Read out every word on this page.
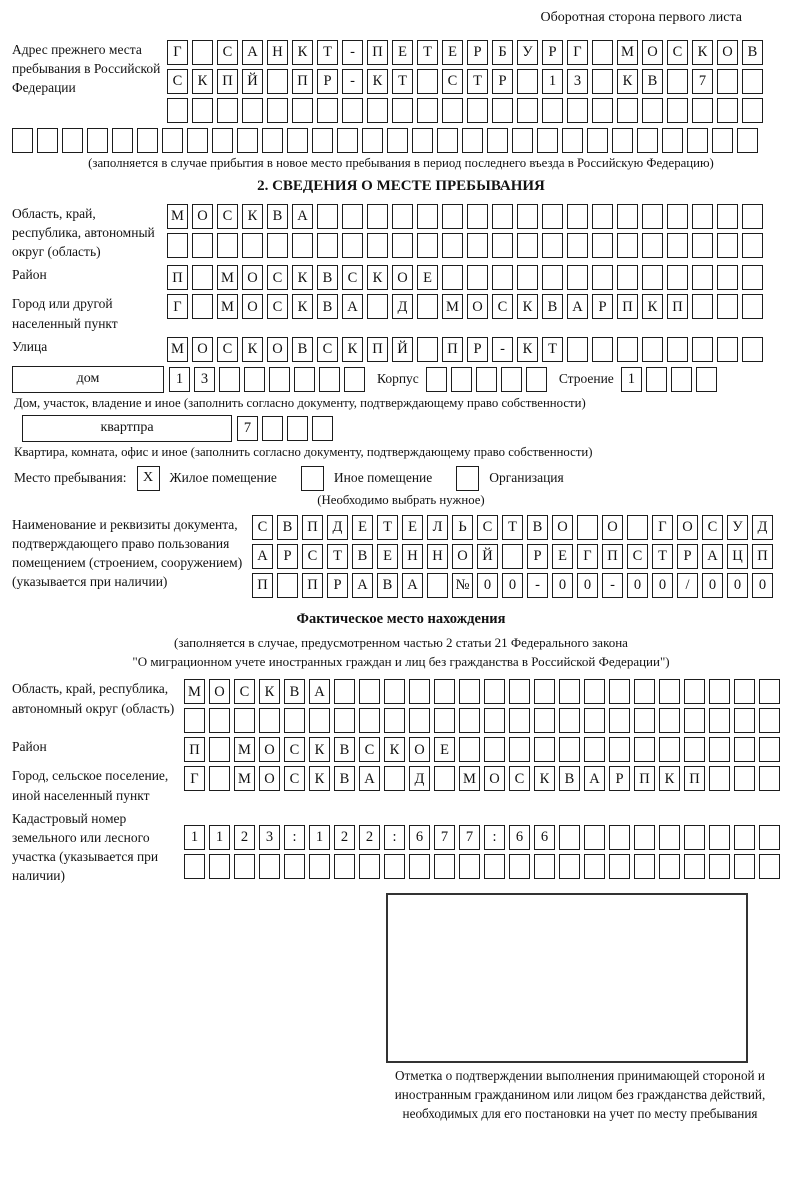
Оборотная сторона первого листа
Адрес прежнего места пребывания в Российской Федерации
Г	С	А	Н	К	Т	-	П	Е	Т	Е	Р	Б	У	Р	Г	М О	С	К	О	В
С	К	П	Й	П	Р	-	К	Т	С	Т	Р	1	3	К	В	7
(заполняется в случае прибытия в новое место пребывания в период последнего въезда в Российскую Федерацию)
2. СВЕДЕНИЯ О МЕСТЕ ПРЕБЫВАНИЯ
Область, край, республика, автономный округ (область)
М О	С	К	В	А
Район	П	М О	С	К	В	С	К	О	Е
Город или другой населенный пункт
Г	М О	С	К	В	А	Д	М О	С	К	В	А	Р	П	К	П
Улица	М О	С	К	О	В	С	К	П	Й	П	Р	-	К	Т
дом	1	3	Корпус	Строение 1
Дом, участок, владение и иное (заполнить согласно документу, подтверждающему право собственности)
квартпра	7
Квартира, комната, офис и иное (заполнить согласно документу, подтверждающему право собственности)
Место пребывания:	X	Жилое помещение	Иное помещение	Организация
(Необходимо выбрать нужное)
Наименование и реквизиты документа, подтверждающего право пользования помещением (строением, сооружением) (указывается при наличии)
С	В	П	Д	Е	Т	Е	Л	Ь	С	Т	В	О	О	Г	О	С	У	Д
А	Р	С	Т	В	Е	Н	Н	О	Й	Р	Е	Г	П	С	Т	Р	А	Ц	П
П	П	Р	А	В	А	№ 0	0	-	0	0	-	0	0	/	0	0	0
Фактическое место нахождения
(заполняется в случае, предусмотренном частью 2 статьи 21 Федерального закона
"О миграционном учете иностранных граждан и лиц без гражданства в Российской Федерации")
Область, край, республика, автономный округ (область)
М О	С	К	В	А
Район	П	М О	С	К	В	С	К	О	Е
Город, сельское поселение, иной населенный пункт
Г	М О	С	К	В	А	Д	М О	С	К	В	А	Р	П	К	П
Кадастровый номер земельного или лесного участка (указывается при наличии)
1	1	2	3	:	1	2	2	:	6	7	7	:	6	6
Отметка о подтверждении выполнения принимающей стороной и иностранным гражданином или лицом без гражданства действий, необходимых для его постановки на учет по месту пребывания
